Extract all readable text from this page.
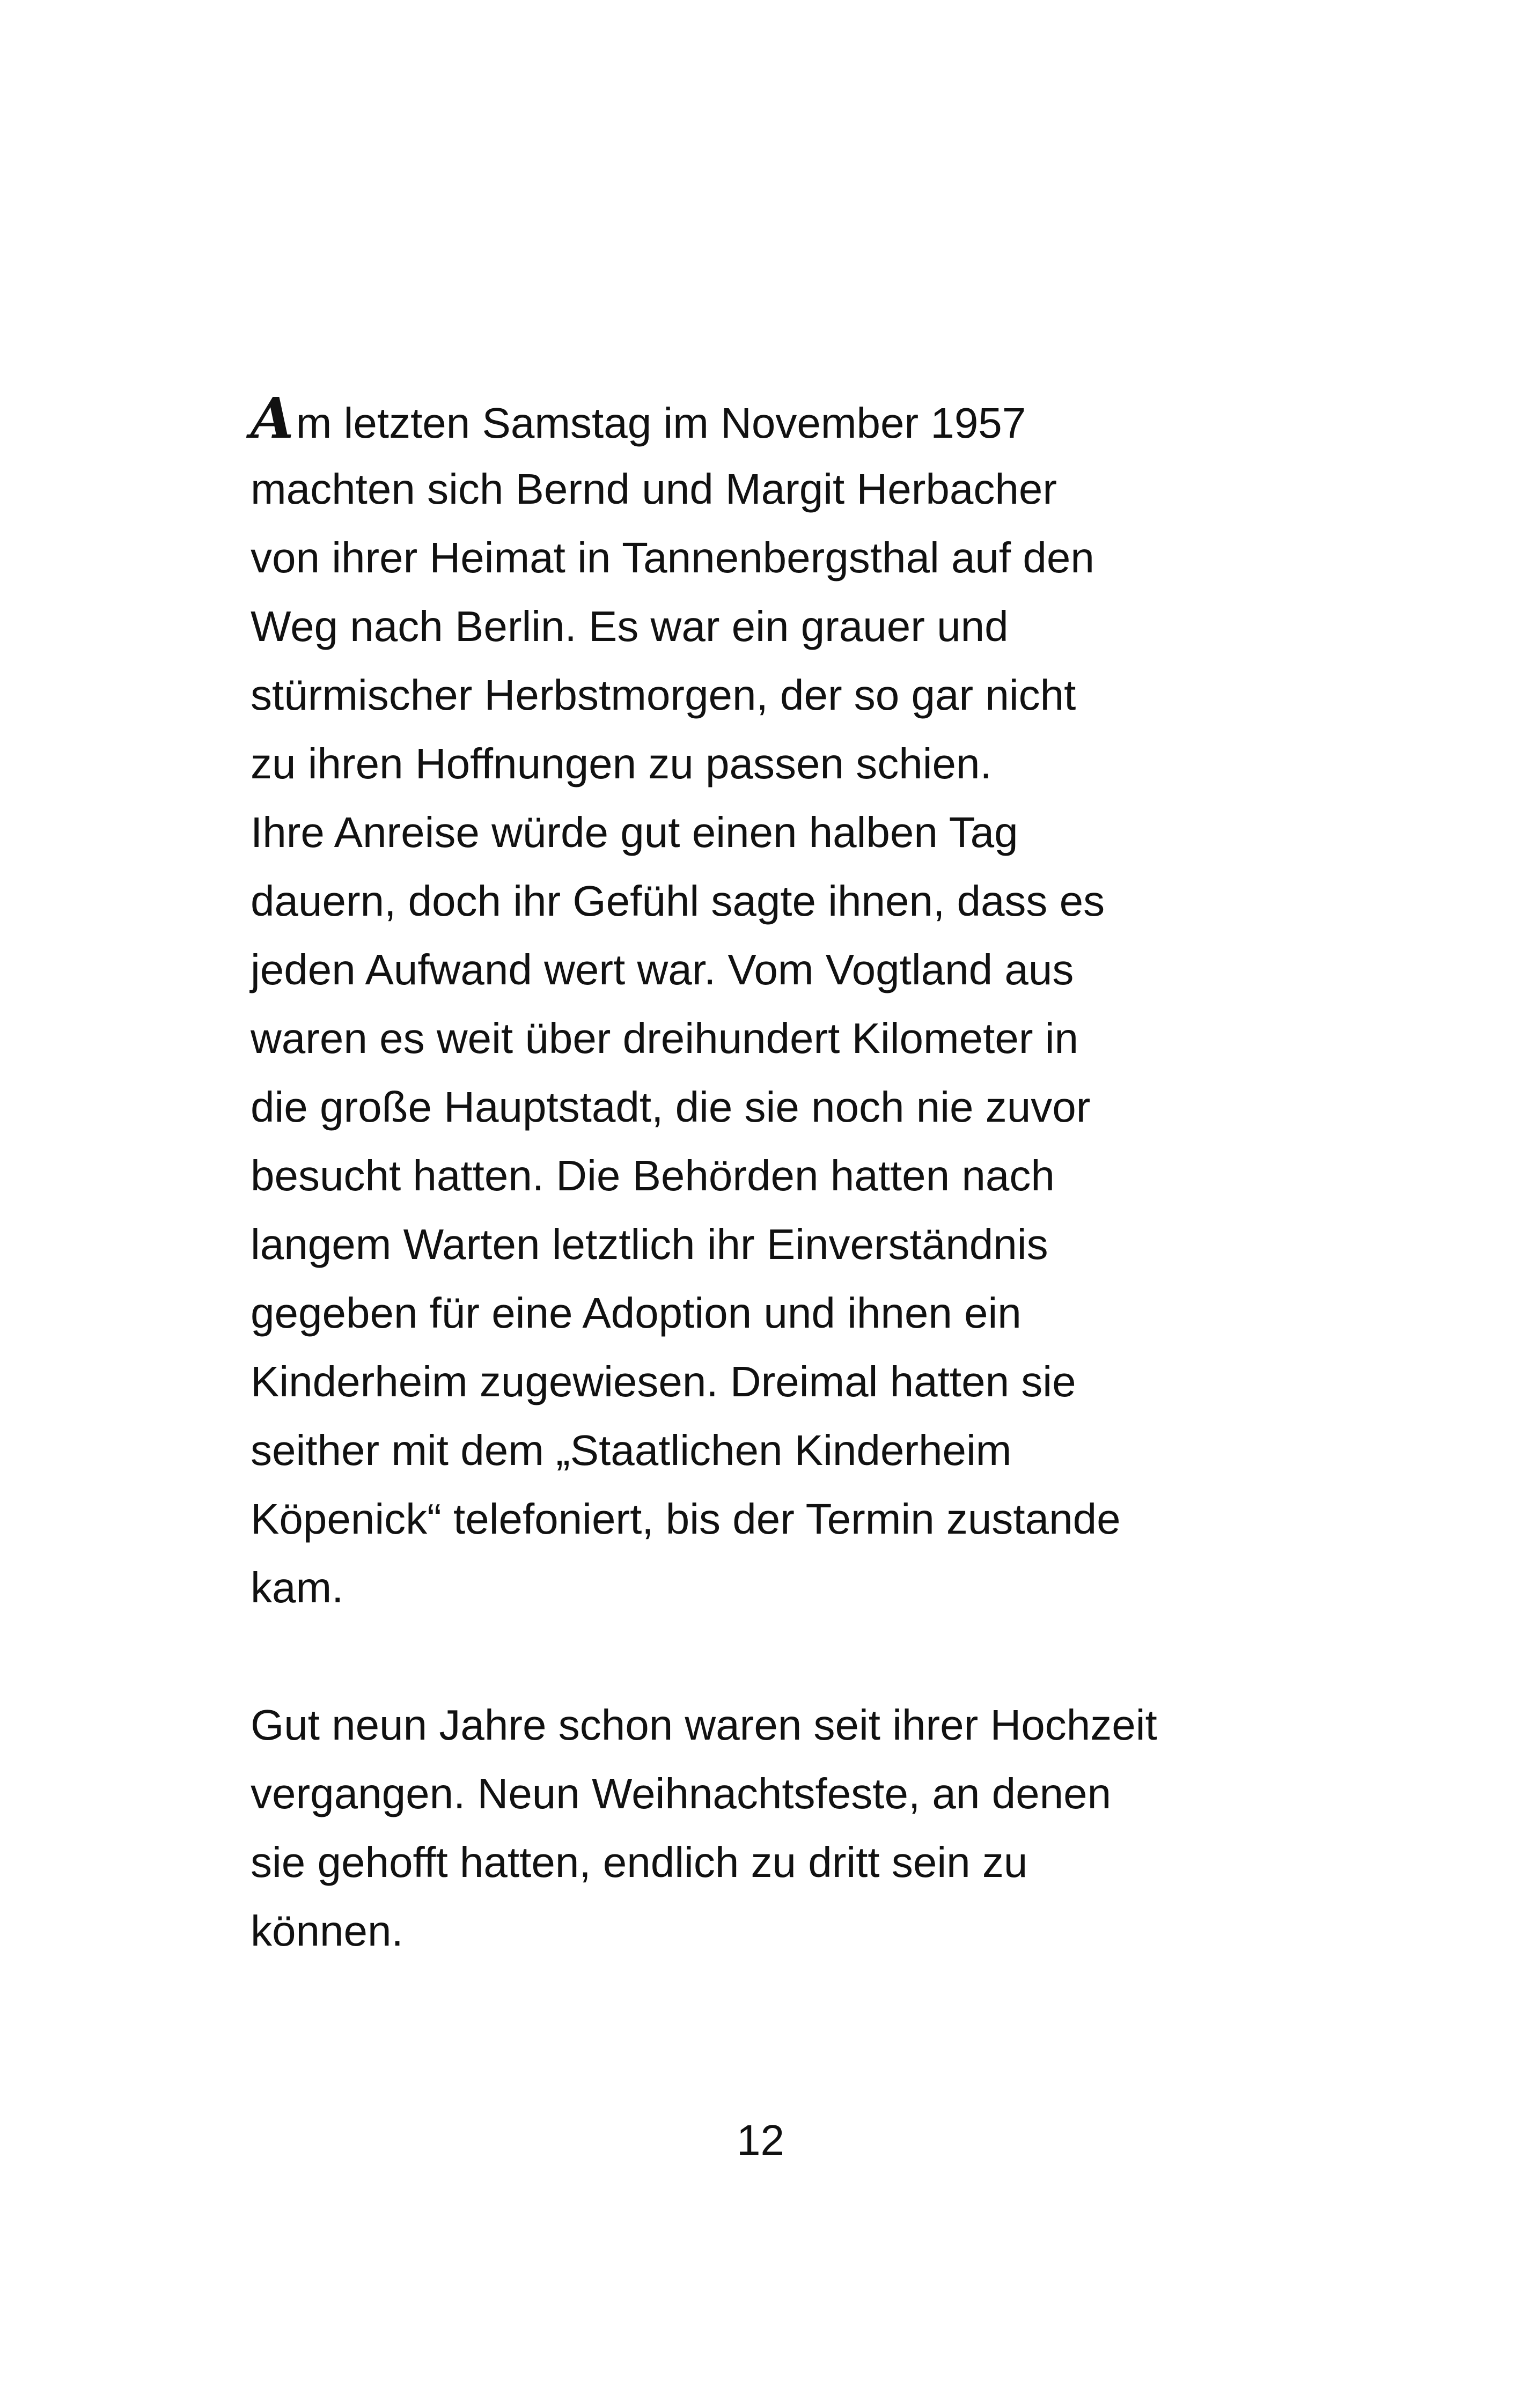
Am letzten Samstag im November 1957
machten sich Bernd und Margit Herbacher
von ihrer Heimat in Tannenbergsthal auf den
Weg nach Berlin. Es war ein grauer und
stürmischer Herbstmorgen, der so gar nicht
zu ihren Hoffnungen zu passen schien.
Ihre Anreise würde gut einen halben Tag
dauern, doch ihr Gefühl sagte ihnen, dass es
jeden Aufwand wert war. Vom Vogtland aus
waren es weit über dreihundert Kilometer in
die große Hauptstadt, die sie noch nie zuvor
besucht hatten. Die Behörden hatten nach
langem Warten letztlich ihr Einverständnis
gegeben für eine Adoption und ihnen ein
Kinderheim zugewiesen. Dreimal hatten sie
seither mit dem „Staatlichen Kinderheim
Köpenick“ telefoniert, bis der Termin zustande
kam.
Gut neun Jahre schon waren seit ihrer Hochzeit
vergangen. Neun Weihnachtsfeste, an denen
sie gehofft hatten, endlich zu dritt sein zu
können.
12
